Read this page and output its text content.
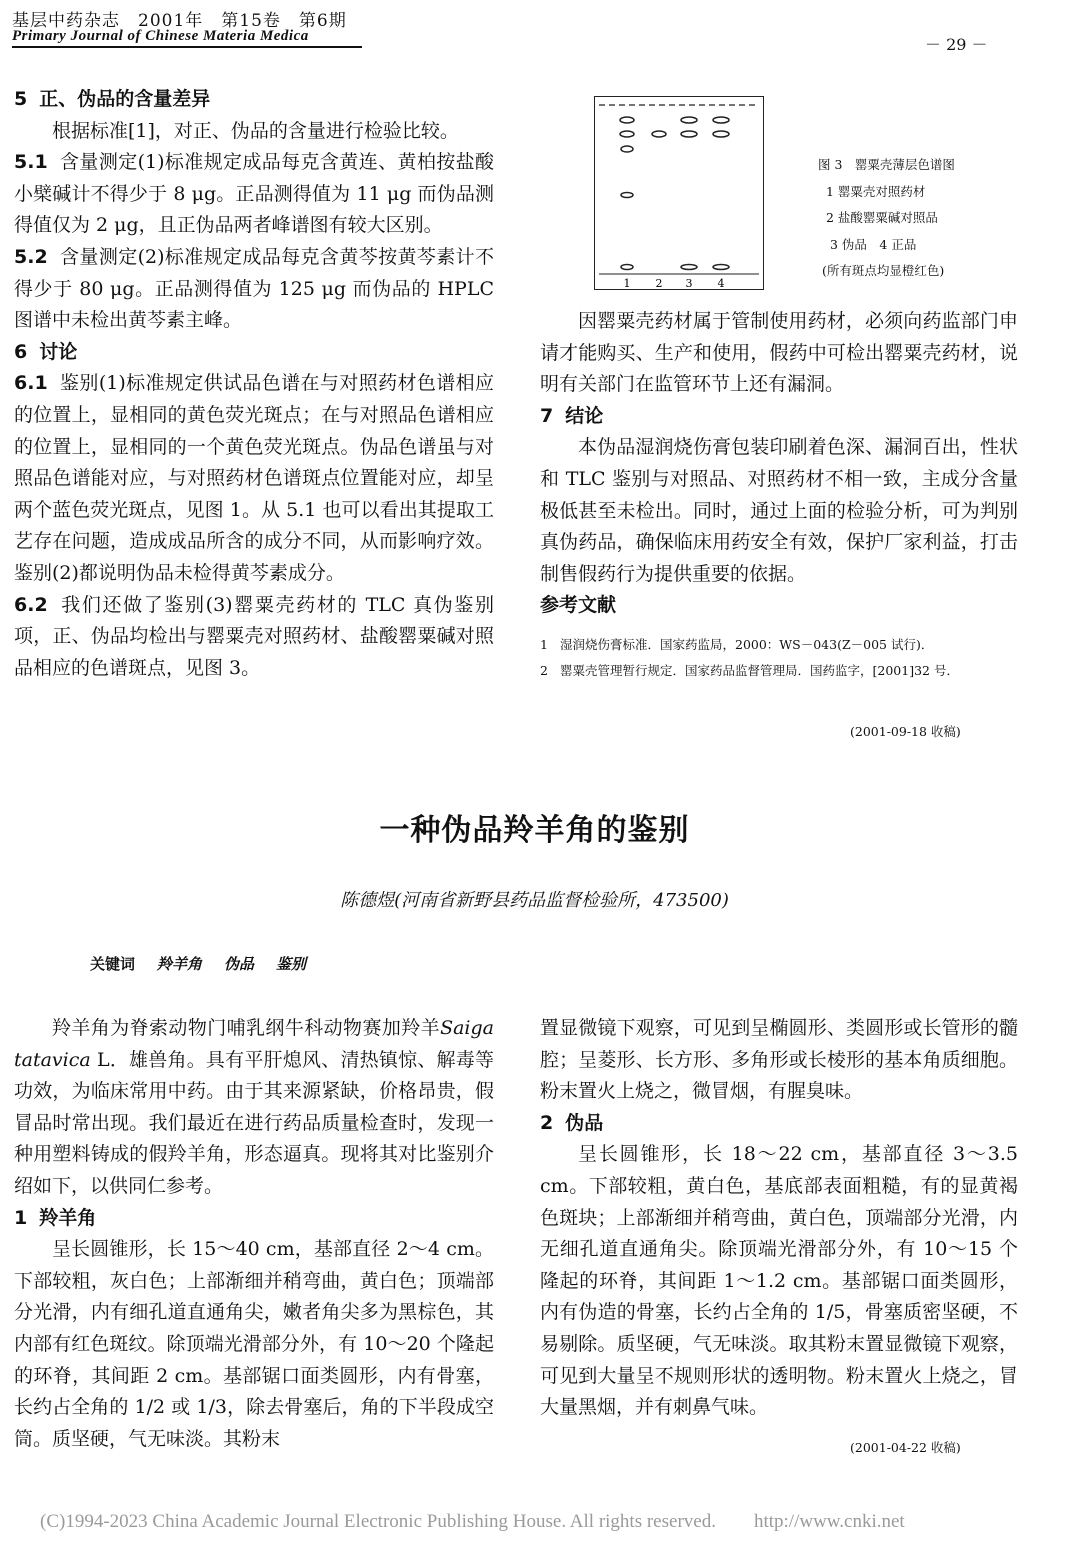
基层中药杂志　2001年　第15卷　第6期
Primary Journal of Chinese Materia Medica	－ 29 －

5 正、伪品的含量差异

根据标准[1]，对正、伪品的含量进行检验比较。

5.1 含量测定(1)标准规定成品每克含黄连、黄柏按盐酸小檗碱计不得少于 8 μg。正品测得值为 11 μg 而伪品测得值仅为 2 μg，且正伪品两者峰谱图有较大区别。

5.2 含量测定(2)标准规定成品每克含黄芩按黄芩素计不得少于 80 μg。正品测得值为 125 μg 而伪品的 HPLC 图谱中未检出黄芩素主峰。

6 讨论

6.1 鉴别(1)标准规定供试品色谱在与对照药材色谱相应的位置上，显相同的黄色荧光斑点；在与对照品色谱相应的位置上，显相同的一个黄色荧光斑点。伪品色谱虽与对照品色谱能对应，与对照药材色谱斑点位置能对应，却呈两个蓝色荧光斑点，见图 1。从 5.1 也可以看出其提取工艺存在问题，造成成品所含的成分不同，从而影响疗效。鉴别(2)都说明伪品未检得黄芩素成分。

6.2 我们还做了鉴别(3)罂粟壳药材的 TLC 真伪鉴别项，正、伪品均检出与罂粟壳对照药材、盐酸罂粟碱对照品相应的色谱斑点，见图 3。

1 2 3 4
图 3　罂粟壳薄层色谱图
1 罂粟壳对照药材
2 盐酸罂粟碱对照品
3 伪品　4 正品
(所有斑点均显橙红色)

因罂粟壳药材属于管制使用药材，必须向药监部门申请才能购买、生产和使用，假药中可检出罂粟壳药材，说明有关部门在监管环节上还有漏洞。

7 结论

本伪品湿润烧伤膏包装印刷着色深、漏洞百出，性状和 TLC 鉴别与对照品、对照药材不相一致，主成分含量极低甚至未检出。同时，通过上面的检验分析，可为判别真伪药品，确保临床用药安全有效，保护厂家利益，打击制售假药行为提供重要的依据。

参考文献

1 湿润烧伤膏标准．国家药监局，2000：WS－043(Z－005 试行)．
2 罂粟壳管理暂行规定．国家药品监督管理局．国药监字，[2001]32 号．
(2001-09-18 收稿)
一种伪品羚羊角的鉴别
陈德煜(河南省新野县药品监督检验所，473500)
关键词 羚羊角 伪品 鉴别

羚羊角为脊索动物门哺乳纲牛科动物赛加羚羊Saiga tatavica L．雄兽角。具有平肝熄风、清热镇惊、解毒等功效，为临床常用中药。由于其来源紧缺，价格昂贵，假冒品时常出现。我们最近在进行药品质量检查时，发现一种用塑料铸成的假羚羊角，形态逼真。现将其对比鉴别介绍如下，以供同仁参考。

1 羚羊角

呈长圆锥形，长 15～40 cm，基部直径 2～4 cm。下部较粗，灰白色；上部渐细并稍弯曲，黄白色；顶端部分光滑，内有细孔道直通角尖，嫩者角尖多为黑棕色，其内部有红色斑纹。除顶端光滑部分外，有 10～20 个隆起的环脊，其间距 2 cm。基部锯口面类圆形，内有骨塞，长约占全角的 1/2 或 1/3，除去骨塞后，角的下半段成空筒。质坚硬，气无味淡。其粉末

置显微镜下观察，可见到呈椭圆形、类圆形或长管形的髓腔；呈菱形、长方形、多角形或长棱形的基本角质细胞。粉末置火上烧之，微冒烟，有腥臭味。

2 伪品

呈长圆锥形，长 18～22 cm，基部直径 3～3.5 cm。下部较粗，黄白色，基底部表面粗糙，有的显黄褐色斑块；上部渐细并稍弯曲，黄白色，顶端部分光滑，内无细孔道直通角尖。除顶端光滑部分外，有 10～15 个隆起的环脊，其间距 1～1.2 cm。基部锯口面类圆形，内有伪造的骨塞，长约占全角的 1/5，骨塞质密坚硬，不易剔除。质坚硬，气无味淡。取其粉末置显微镜下观察，可见到大量呈不规则形状的透明物。粉末置火上烧之，冒大量黑烟，并有刺鼻气味。

(2001-04-22 收稿)
(C)1994-2023 China Academic Journal Electronic Publishing House. All rights reserved.　　http://www.cnki.net
